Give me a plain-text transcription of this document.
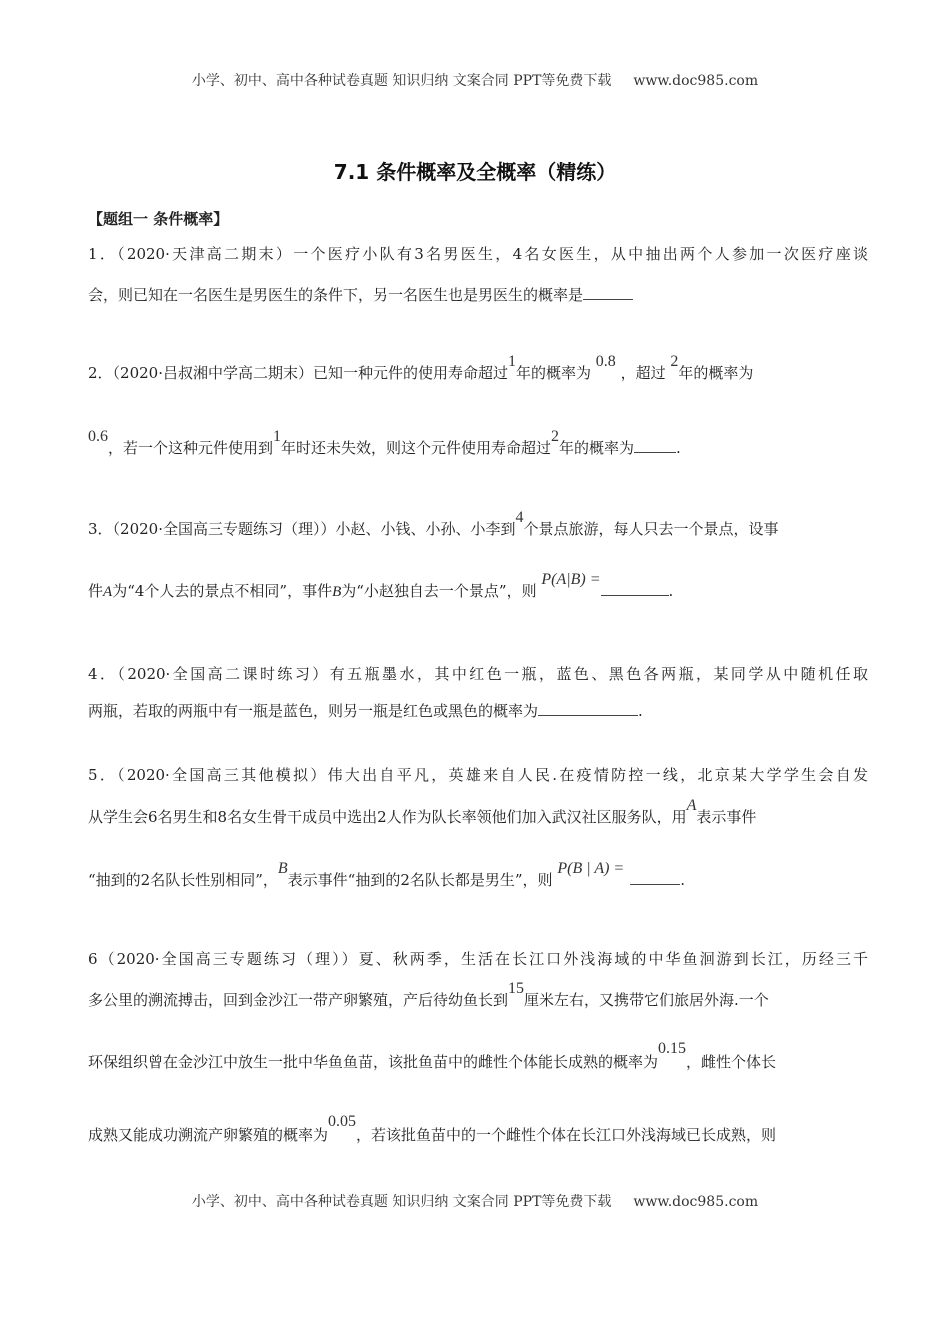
小学、初中、高中各种试卷真题 知识归纳 文案合同 PPT等免费下载 www.doc985.com
7.1 条件概率及全概率（精练）
【题组一 条件概率】
1．（2020·天津高二期末）一个医疗小队有3名男医生，4名女医生，从中抽出两个人参加一次医疗座谈
会，则已知在一名医生是男医生的条件下，另一名医生也是男医生的概率是
2．（2020·吕叔湘中学高二期末）已知一种元件的使用寿命超过1年的概率为 0.8 ，超过 2年的概率为
0.6，若一个这种元件使用到1年时还未失效，则这个元件使用寿命超过2年的概率为	.
3．（2020·全国高三专题练习（理））小赵、小钱、小孙、小李到4个景点旅游，每人只去一个景点，设事
件A为“4个人去的景点不相同”，事件B为“小赵独自去一个景点”，则 P(A|B) =.
4．（2020·全国高二课时练习）有五瓶墨水，其中红色一瓶，蓝色、黑色各两瓶，某同学从中随机任取
两瓶，若取的两瓶中有一瓶是蓝色，则另一瓶是红色或黑色的概率为	.
5．（2020·全国高三其他模拟）伟大出自平凡，英雄来自人民.在疫情防控一线，北京某大学学生会自发
从学生会6名男生和8名女生骨干成员中选出2人作为队长率领他们加入武汉社区服务队，用A表示事件
“抽到的2名队长性别相同”，B表示事件“抽到的2名队长都是男生”，则 P(B | A) =.
6（2020·全国高三专题练习（理））夏、秋两季，生活在长江口外浅海域的中华鱼洄游到长江，历经三千
多公里的溯流搏击，回到金沙江一带产卵繁殖，产后待幼鱼长到15厘米左右，又携带它们旅居外海.一个
环保组织曾在金沙江中放生一批中华鱼鱼苗，该批鱼苗中的雌性个体能长成熟的概率为0.15，雌性个体长
成熟又能成功溯流产卵繁殖的概率为0.05，若该批鱼苗中的一个雌性个体在长江口外浅海域已长成熟，则
小学、初中、高中各种试卷真题 知识归纳 文案合同 PPT等免费下载 www.doc985.com
